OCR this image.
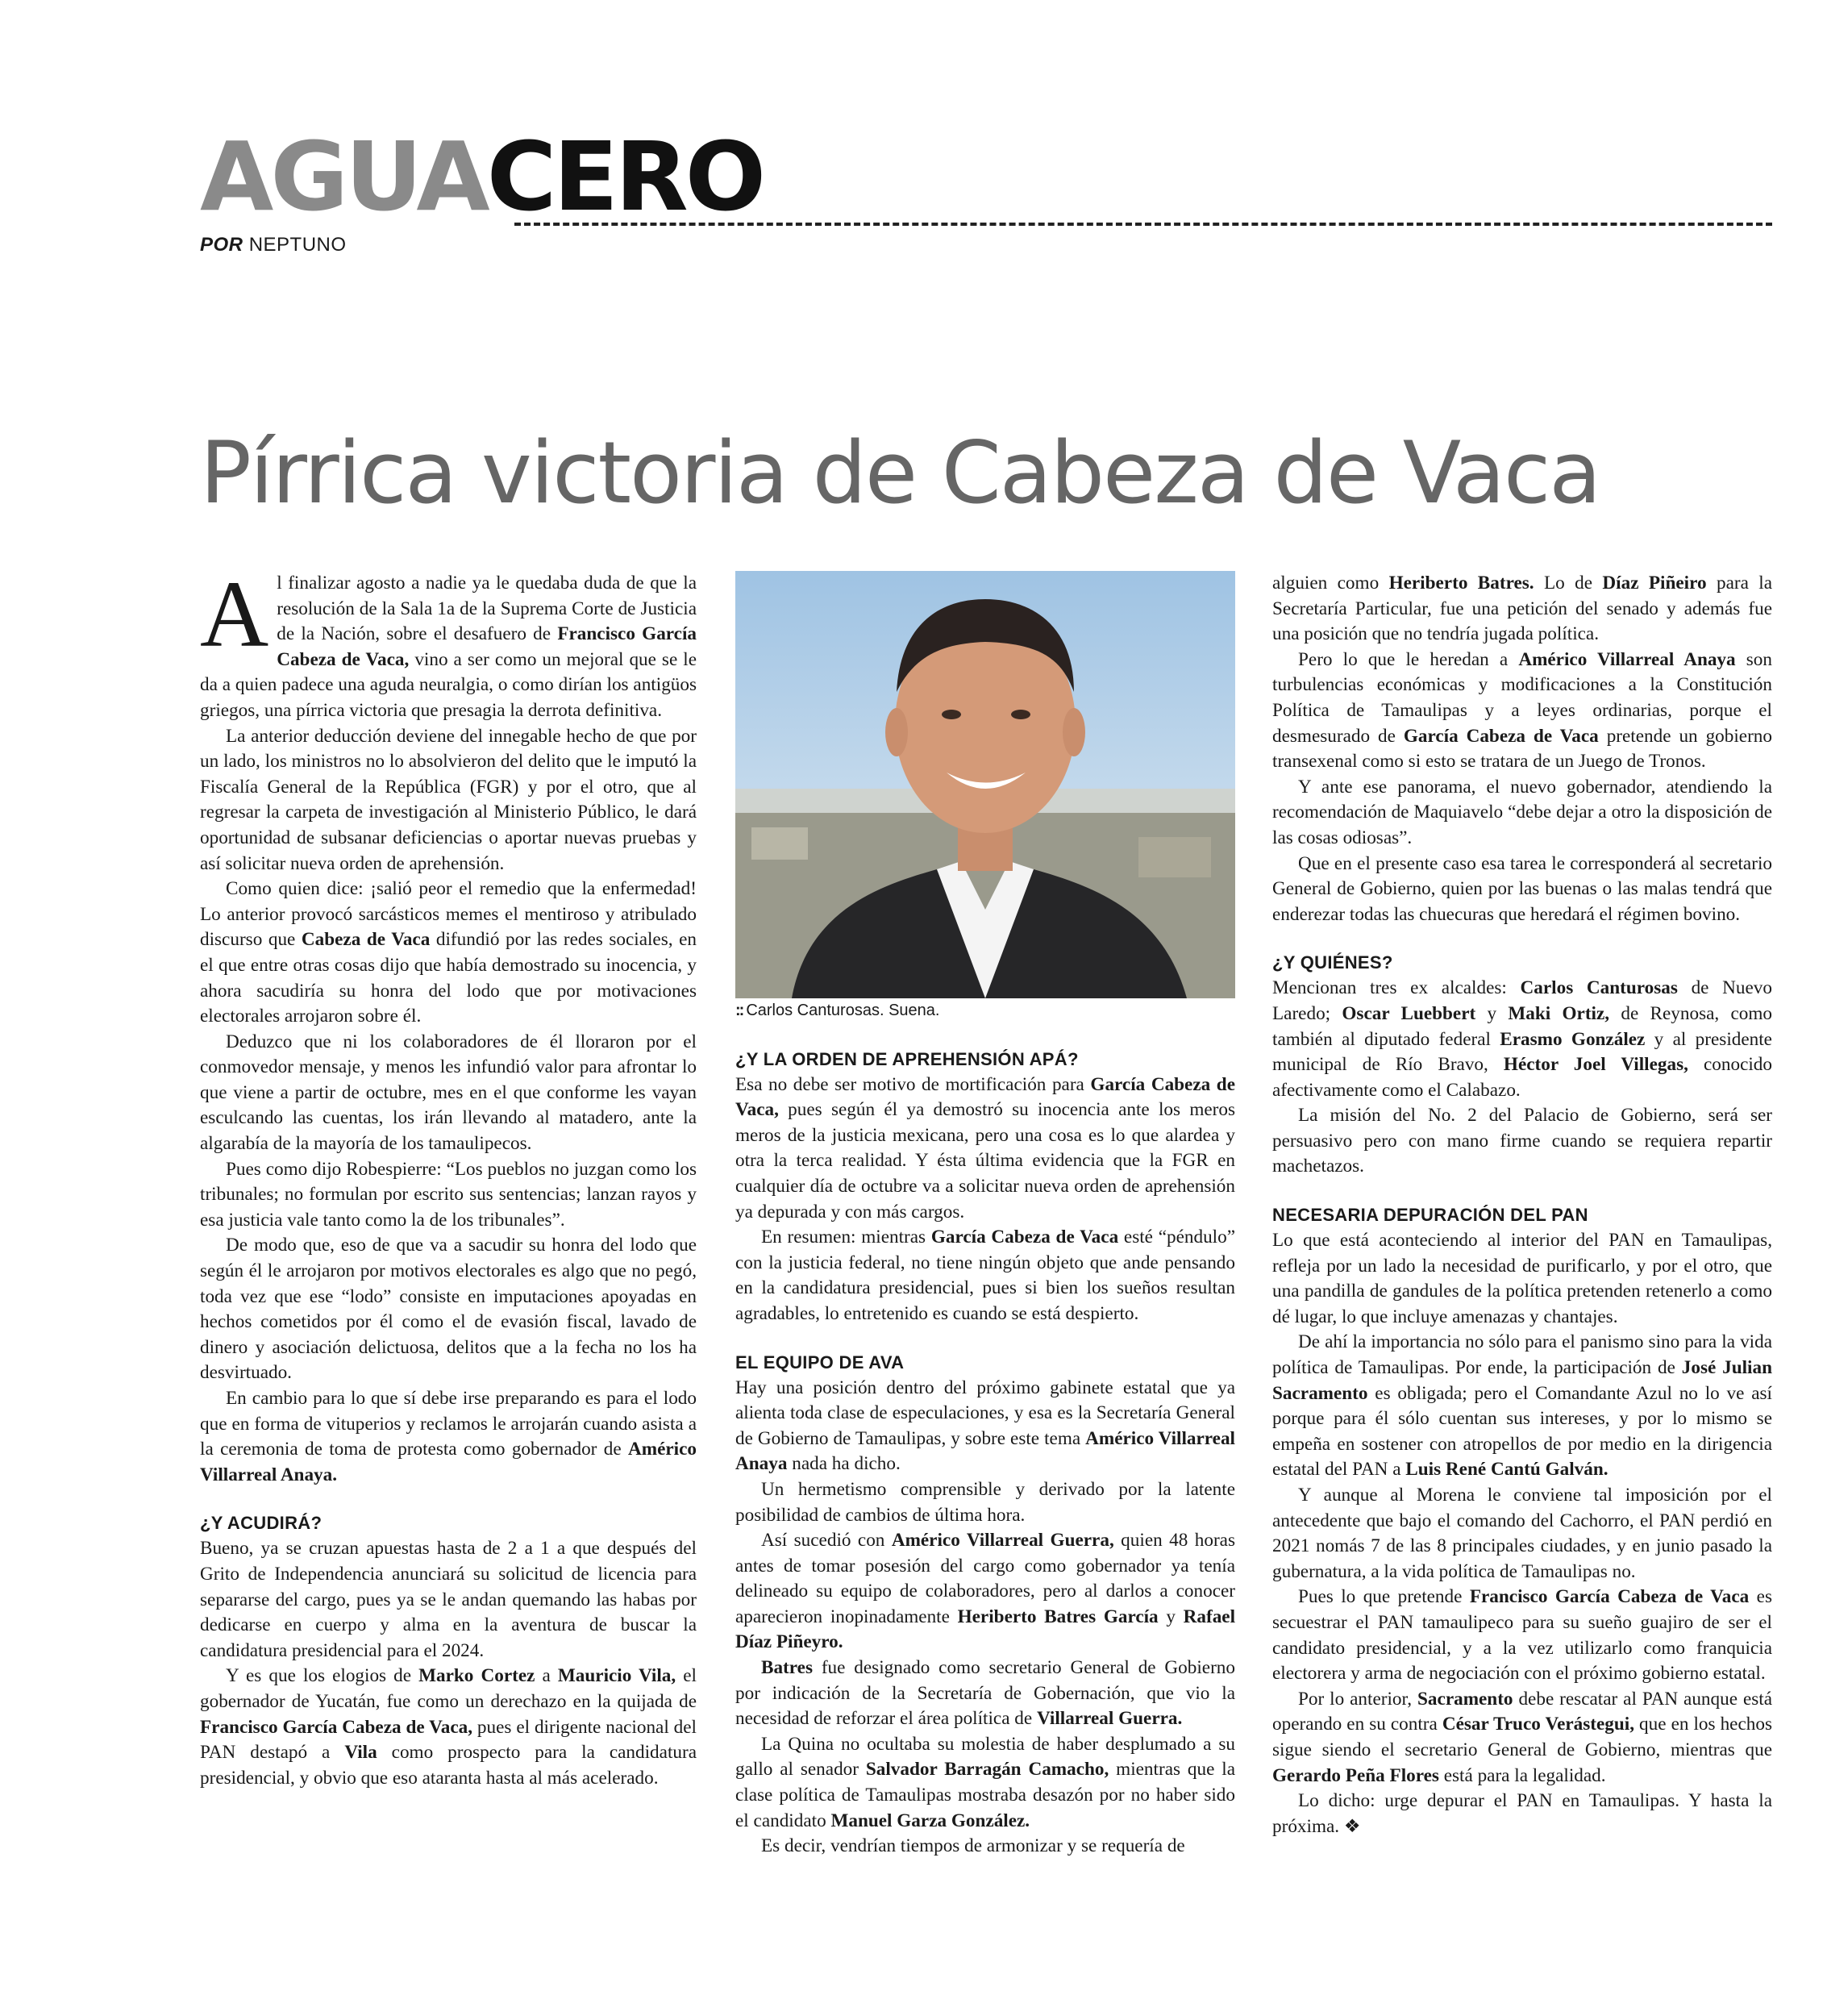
AGUACERO
POR NEPTUNO
Pírrica victoria de Cabeza de Vaca

Al finalizar agosto a nadie ya le quedaba duda de que la resolución de la Sala 1a de la Suprema Corte de Justicia de la Nación, sobre el desafuero de Francisco García Cabeza de Vaca, vino a ser como un mejoral que se le da a quien padece una aguda neuralgia, o como dirían los antigüos griegos, una pírrica victoria que presagia la derrota definitiva.

La anterior deducción deviene del innegable hecho de que por un lado, los ministros no lo absolvieron del delito que le imputó la Fiscalía General de la República (FGR) y por el otro, que al regresar la carpeta de investigación al Ministerio Público, le dará oportunidad de subsanar deficiencias o aportar nuevas pruebas y así solicitar nueva orden de aprehensión.

Como quien dice: ¡salió peor el remedio que la enfermedad! Lo anterior provocó sarcásticos memes el mentiroso y atribulado discurso que Cabeza de Vaca difundió por las redes sociales, en el que entre otras cosas dijo que había demostrado su inocencia, y ahora sacudiría su honra del lodo que por motivaciones electorales arrojaron sobre él.

Deduzco que ni los colaboradores de él lloraron por el conmovedor mensaje, y menos les infundió valor para afrontar lo que viene a partir de octubre, mes en el que conforme les vayan esculcando las cuentas, los irán llevando al matadero, ante la algarabía de la mayoría de los tamaulipecos.

Pues como dijo Robespierre: “Los pueblos no juzgan como los tribunales; no formulan por escrito sus sentencias; lanzan rayos y esa justicia vale tanto como la de los tribunales”.

De modo que, eso de que va a sacudir su honra del lodo que según él le arrojaron por motivos electorales es algo que no pegó, toda vez que ese “lodo” consiste en imputaciones apoyadas en hechos cometidos por él como el de evasión fiscal, lavado de dinero y asociación delictuosa, delitos que a la fecha no los ha desvirtuado.

En cambio para lo que sí debe irse preparando es para el lodo que en forma de vituperios y reclamos le arrojarán cuando asista a la ceremonia de toma de protesta como gobernador de Américo Villarreal Anaya.

¿Y ACUDIRÁ?

Bueno, ya se cruzan apuestas hasta de 2 a 1 a que después del Grito de Independencia anunciará su solicitud de licencia para separarse del cargo, pues ya se le andan quemando las habas por dedicarse en cuerpo y alma en la aventura de buscar la candidatura presidencial para el 2024.

Y es que los elogios de Marko Cortez a Mauricio Vila, el gobernador de Yucatán, fue como un derechazo en la quijada de Francisco García Cabeza de Vaca, pues el dirigente nacional del PAN destapó a Vila como prospecto para la candidatura presidencial, y obvio que eso ataranta hasta al más acelerado.

:: Carlos Canturosas. Suena.

¿Y LA ORDEN DE APREHENSIÓN APÁ?

Esa no debe ser motivo de mortificación para García Cabeza de Vaca, pues según él ya demostró su inocencia ante los meros meros de la justicia mexicana, pero una cosa es lo que alardea y otra la terca realidad. Y ésta última evidencia que la FGR en cualquier día de octubre va a solicitar nueva orden de aprehensión ya depurada y con más cargos.

En resumen: mientras García Cabeza de Vaca esté “péndulo” con la justicia federal, no tiene ningún objeto que ande pensando en la candidatura presidencial, pues si bien los sueños resultan agradables, lo entretenido es cuando se está despierto.

EL EQUIPO DE AVA

Hay una posición dentro del próximo gabinete estatal que ya alienta toda clase de especulaciones, y esa es la Secretaría General de Gobierno de Tamaulipas, y sobre este tema Américo Villarreal Anaya nada ha dicho.

Un hermetismo comprensible y derivado por la latente posibilidad de cambios de última hora.

Así sucedió con Américo Villarreal Guerra, quien 48 horas antes de tomar posesión del cargo como gobernador ya tenía delineado su equipo de colaboradores, pero al darlos a conocer aparecieron inopinadamente Heriberto Batres García y Rafael Díaz Piñeyro.

Batres fue designado como secretario General de Gobierno por indicación de la Secretaría de Gobernación, que vio la necesidad de reforzar el área política de Villarreal Guerra.

La Quina no ocultaba su molestia de haber desplumado a su gallo al senador Salvador Barragán Camacho, mientras que la clase política de Tamaulipas mostraba desazón por no haber sido el candidato Manuel Garza González.

Es decir, vendrían tiempos de armonizar y se requería de

alguien como Heriberto Batres. Lo de Díaz Piñeiro para la Secretaría Particular, fue una petición del senado y además fue una posición que no tendría jugada política.

Pero lo que le heredan a Américo Villarreal Anaya son turbulencias económicas y modificaciones a la Constitución Política de Tamaulipas y a leyes ordinarias, porque el desmesurado de García Cabeza de Vaca pretende un gobierno transexenal como si esto se tratara de un Juego de Tronos.

Y ante ese panorama, el nuevo gobernador, atendiendo la recomendación de Maquiavelo “debe dejar a otro la disposición de las cosas odiosas”.

Que en el presente caso esa tarea le corresponderá al secretario General de Gobierno, quien por las buenas o las malas tendrá que enderezar todas las chuecuras que heredará el régimen bovino.

¿Y QUIÉNES?

Mencionan tres ex alcaldes: Carlos Canturosas de Nuevo Laredo; Oscar Luebbert y Maki Ortiz, de Reynosa, como también al diputado federal Erasmo González y al presidente municipal de Río Bravo, Héctor Joel Villegas, conocido afectivamente como el Calabazo.

La misión del No. 2 del Palacio de Gobierno, será ser persuasivo pero con mano firme cuando se requiera repartir machetazos.

NECESARIA DEPURACIÓN DEL PAN

Lo que está aconteciendo al interior del PAN en Tamaulipas, refleja por un lado la necesidad de purificarlo, y por el otro, que una pandilla de gandules de la política pretenden retenerlo a como dé lugar, lo que incluye amenazas y chantajes.

De ahí la importancia no sólo para el panismo sino para la vida política de Tamaulipas. Por ende, la participación de José Julian Sacramento es obligada; pero el Comandante Azul no lo ve así porque para él sólo cuentan sus intereses, y por lo mismo se empeña en sostener con atropellos de por medio en la dirigencia estatal del PAN a Luis René Cantú Galván.

Y aunque al Morena le conviene tal imposición por el antecedente que bajo el comando del Cachorro, el PAN perdió en 2021 nomás 7 de las 8 principales ciudades, y en junio pasado la gubernatura, a la vida política de Tamaulipas no.

Pues lo que pretende Francisco García Cabeza de Vaca es secuestrar el PAN tamaulipeco para su sueño guajiro de ser el candidato presidencial, y a la vez utilizarlo como franquicia electorera y arma de negociación con el próximo gobierno estatal.

Por lo anterior, Sacramento debe rescatar al PAN aunque está operando en su contra César Truco Verástegui, que en los hechos sigue siendo el secretario General de Gobierno, mientras que Gerardo Peña Flores está para la legalidad.

Lo dicho: urge depurar el PAN en Tamaulipas. Y hasta la próxima. ❖
